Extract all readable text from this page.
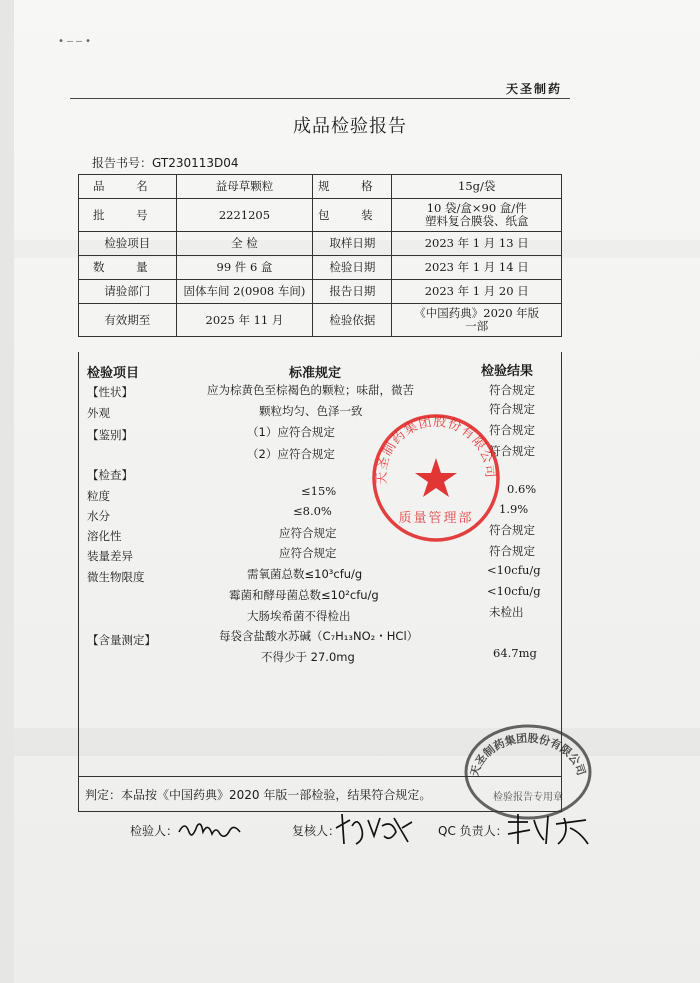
•——•
天圣制药
成品检验报告
报告书号：GT230113D04
品 名	益母草颗粒	规 格	15g/袋
批 号	2221205	包 装	10 袋/盒×90 盒/件
塑料复合膜袋、纸盒

检验项目	全 检	取样日期	2023 年 1 月 13 日
数 量	99 件 6 盒	检验日期	2023 年 1 月 14 日
请验部门	固体车间 2(0908 车间)	报告日期	2023 年 1 月 20 日
有效期至	2025 年 11 月	检验依据	《中国药典》2020 年版
一部
检验项目	标准规定	检验结果
【性状】	应为棕黄色至棕褐色的颗粒；味甜，微苦	符合规定
外观	颗粒均匀、色泽一致	符合规定
【鉴别】	（1）应符合规定	符合规定
（2）应符合规定	符合规定
【检查】
粒度	≤15%	0.6%
水分	≤8.0%	1.9%
溶化性	应符合规定	符合规定
装量差异	应符合规定	符合规定
微生物限度	需氧菌总数≤10³cfu/g	<10cfu/g
霉菌和酵母菌总数≤10²cfu/g	<10cfu/g
大肠埃希菌不得检出	未检出
【含量测定】	每袋含盐酸水苏碱（C₇H₁₃NO₂・HCl）
不得少于 27.0mg	64.7mg
判定：本品按《中国药典》2020 年版一部检验，结果符合规定。
天圣制药集团股份有限公司
质量管理部
天圣制药集团股份有限公司
检验报告专用章
检验人：	复核人：	QC 负责人：
